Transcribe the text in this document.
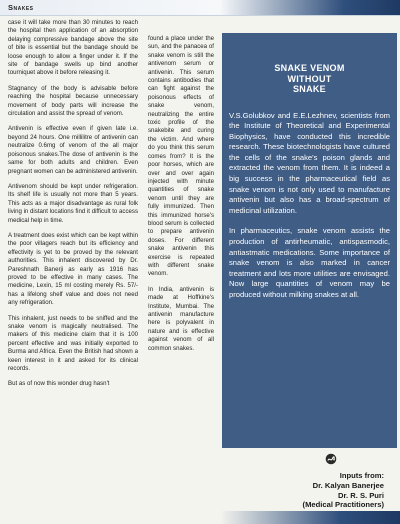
Snakes

case it will take more than 30 minutes to reach the hospital then application of an absorption delaying compressive bandage above the site of bite is essential but the bandage should be loose enough to allow a finger under it. If the site of bandage swells up bind another tourniquet above it before releasing it.

Stagnancy of the body is advisable before reaching the hospital because unnecessary movement of body parts will increase the circulation and assist the spread of venom.

Antivenin is effective even if given late i.e. beyond 24 hours. One millilitre of antivenin can neutralize 0.6mg of venom of the all major poisonous snakes.The dose of antivenin is the same for both adults and children. Even pregnant women can be administered antivenin.

Antivenom should be kept under refrigeration. Its shelf life is usually not more than 5 years. This acts as a major disadvantage as rural folk living in distant locations find it difficult to access medical help in time.

A treatment does exist which can be kept within the poor villagers reach but its efficiency and effectivity is yet to be proved by the relevant authorities. This inhalent discovered by Dr. Pareshnath Banerji as early as 1916 has proved to be effective in many cases. The medicine, Lexin, 15 ml costing merely Rs. 57/- has a lifelong shelf value and does not need any refrigeration.

This inhalent, just needs to be sniffed and the snake venom is magically neutralised. The makers of this medicine claim that it is 100 percent effective and was initially exported to Burma and Africa. Even the British had shown a keen interest in it and asked for its clinical records.

But as of now this wonder drug hasn't

found a place under the sun, and the panacea of snake venom is still the antivenom serum or antivenin. This serum contains antibodies that can fight against the poisonous effects of snake venom, neutralizing the entire toxic profile of the snakebite and curing the victim. And where do you think this serum comes from? It is the poor horses, which are over and over again injected with minute quantities of snake venom until they are fully immunized. Then this immunized horse's blood serum is collected to prepare antivenin doses. For different snake antivenin this exercise is repeated with different snake venom.

In India, antivenin is made at Hoffkine's Institute, Mumbai. The antivenin manufacture here is polyvalent in nature and is effective against venom of all common snakes.

SNAKE VENOM
WITHOUT
SNAKE

V.S.Golubkov and E.E.Lezhnev, scientists from the Institute of Theoretical and Experimental Biophysics, have conducted this incredible research. These biotechnologists have cultured the cells of the snake's poison glands and extracted the venom from them. It is indeed a big success in the pharmaceutical field as snake venom is not only used to manufacture antivenin but also has a broad-spectrum of medicinal utilization.

In pharmaceutics, snake venom assists the production of antirheumatic, antispasmodic, antiastmatic medications. Some importance of snake venom is also marked in cancer treatment and lots more utilities are envisaged. Now large quantities of venom may be produced without milking snakes at all.

Inputs from:
Dr. Kalyan Banerjee
Dr. R. S. Puri
(Medical Practitioners)
